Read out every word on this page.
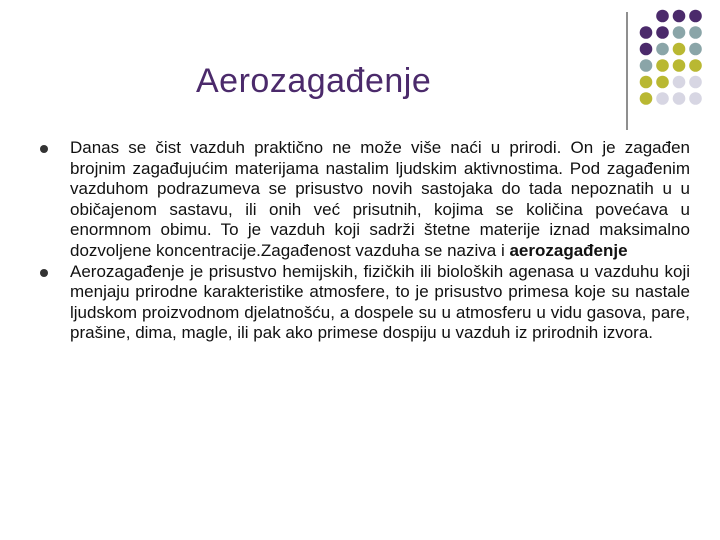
Aerozagađenje
Danas se čist vazduh praktično ne može više naći u prirodi. On je zagađen brojnim zagađujućim materijama nastalim ljudskim aktivnostima. Pod zagađenim vazduhom podrazumeva se prisustvo novih sastojaka do tada nepoznatih u u običajenom sastavu, ili onih već prisutnih, kojima se količina povećava u enormnom obimu. To je vazduh koji sadrži štetne materije iznad maksimalno dozvoljene koncentracije.Zagađenost vazduha se naziva i aerozagađenje
Aerozagađenje je prisustvo hemijskih, fizičkih ili bioloških agenasa u vazduhu koji menjaju prirodne karakteristike atmosfere, to je prisustvo primesa koje su nastale ljudskom proizvodnom djelatnošću, a dospele su u atmosferu u vidu gasova, pare, prašine, dima, magle, ili pak ako primese dospiju u vazduh iz prirodnih izvora.
